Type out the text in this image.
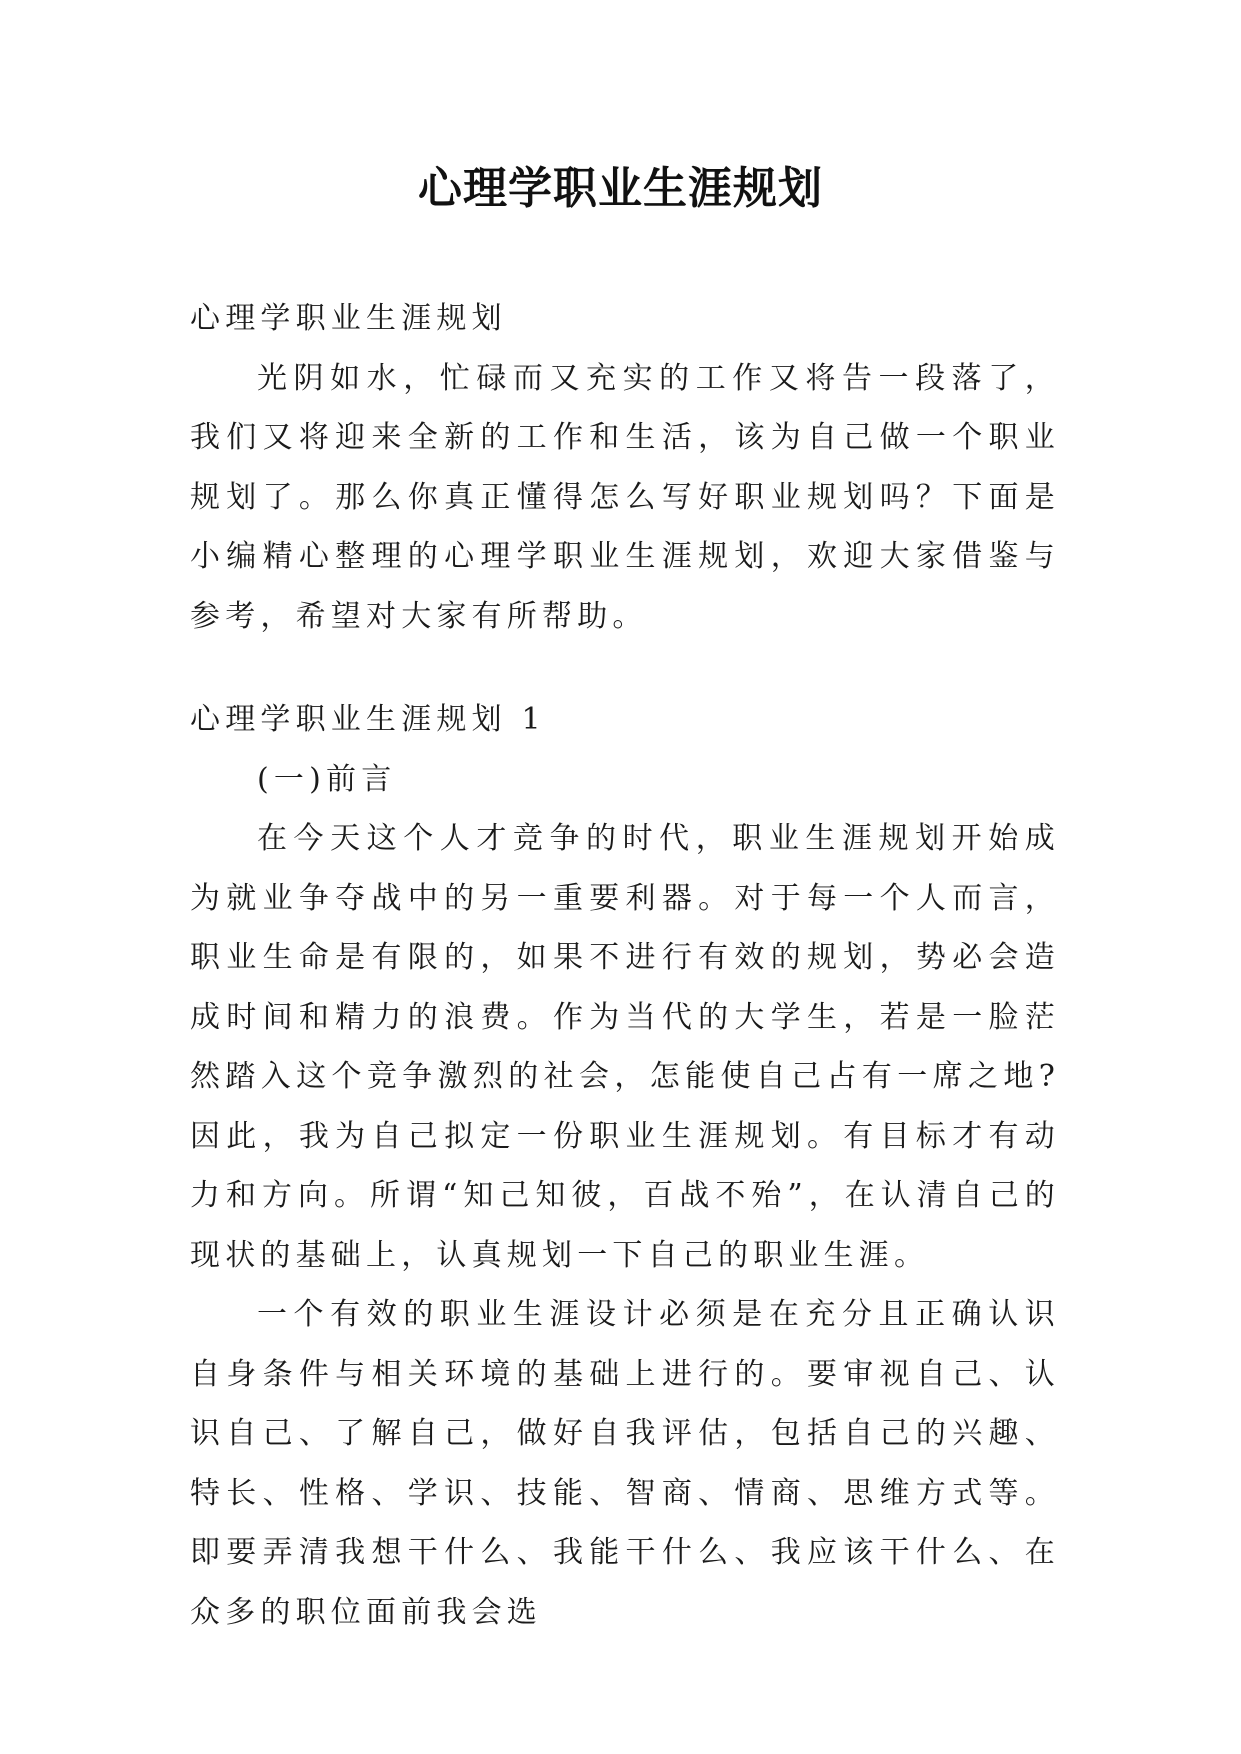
心理学职业生涯规划

心理学职业生涯规划

光阴如水，忙碌而又充实的工作又将告一段落了，我们又将迎来全新的工作和生活，该为自己做一个职业规划了。那么你真正懂得怎么写好职业规划吗？下面是小编精心整理的心理学职业生涯规划，欢迎大家借鉴与参考，希望对大家有所帮助。

心理学职业生涯规划 1

(一)前言

在今天这个人才竞争的时代，职业生涯规划开始成为就业争夺战中的另一重要利器。对于每一个人而言，职业生命是有限的，如果不进行有效的规划，势必会造成时间和精力的浪费。作为当代的大学生，若是一脸茫然踏入这个竞争激烈的社会，怎能使自己占有一席之地?因此，我为自己拟定一份职业生涯规划。有目标才有动力和方向。所谓“知己知彼，百战不殆”，在认清自己的现状的基础上，认真规划一下自己的职业生涯。

一个有效的职业生涯设计必须是在充分且正确认识自身条件与相关环境的基础上进行的。要审视自己、认识自己、了解自己，做好自我评估，包括自己的兴趣、特长、性格、学识、技能、智商、情商、思维方式等。即要弄清我想干什么、我能干什么、我应该干什么、在众多的职位面前我会选
